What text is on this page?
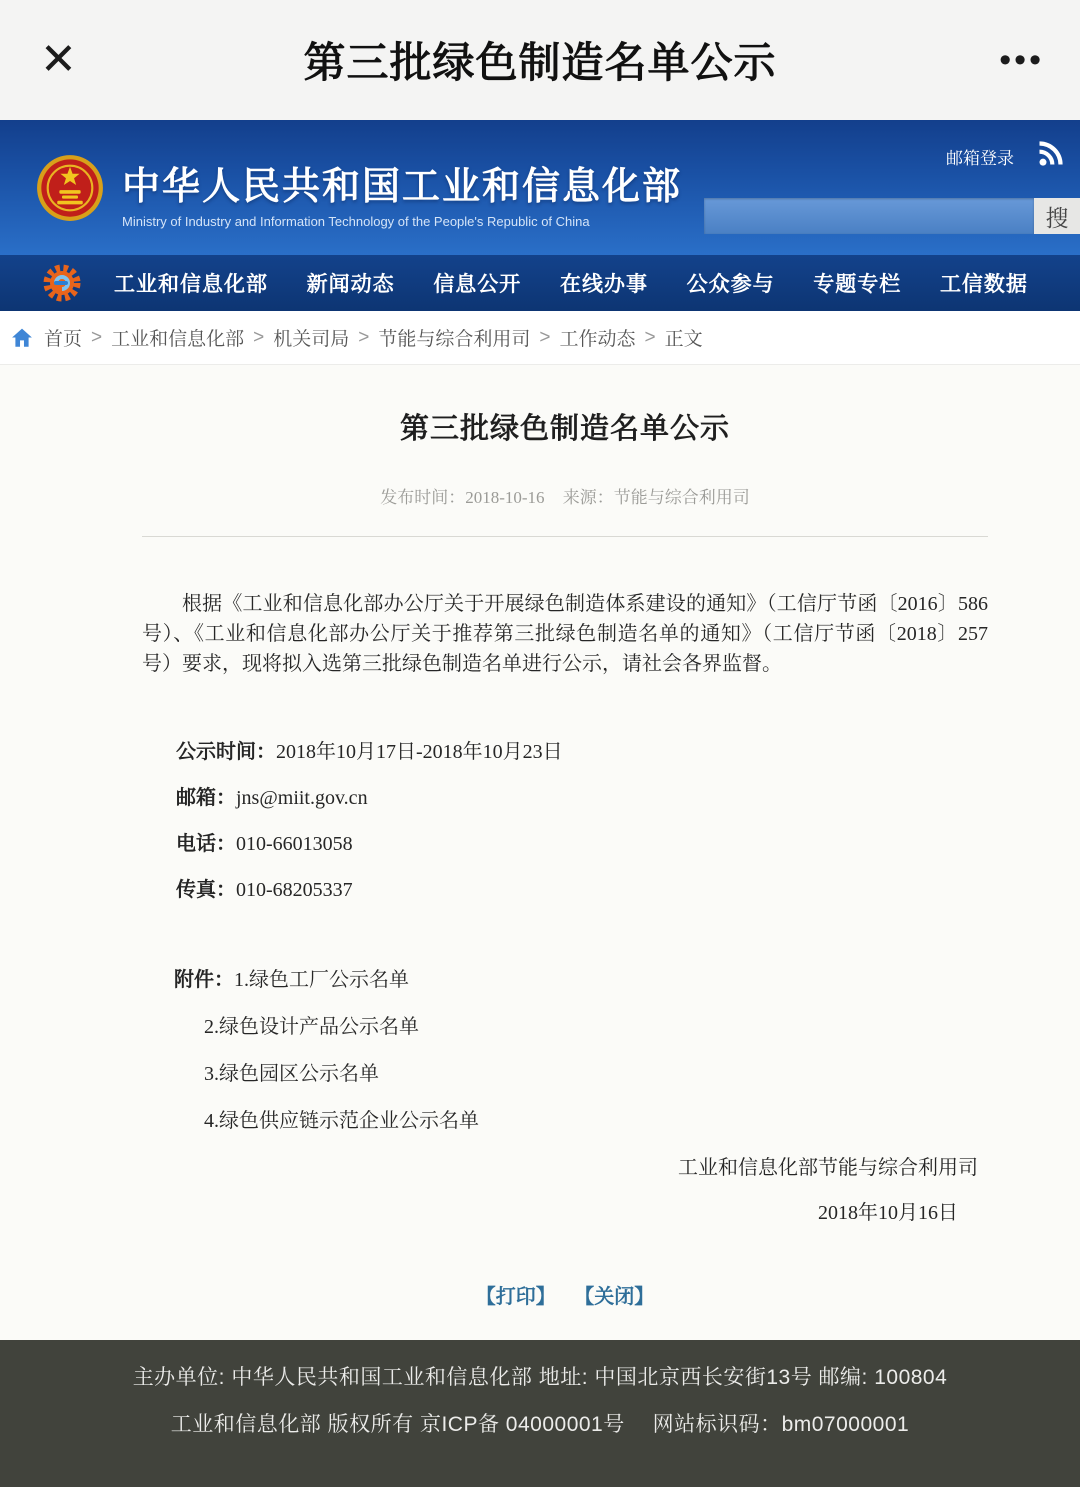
✕	第三批绿色制造名单公示	•••
邮箱登录
中华人民共和国工业和信息化部
Ministry of Industry and Information Technology of the People's Republic of China	搜
工业和信息化部 新闻动态 信息公开 在线办事 公众参与 专题专栏 工信数据
首页 > 工业和信息化部 > 机关司局 > 节能与综合利用司 > 工作动态 > 正文
第三批绿色制造名单公示
发布时间：2018-10-16 来源：节能与综合利用司

根据《工业和信息化部办公厅关于开展绿色制造体系建设的通知》（工信厅节函〔2016〕586号）、《工业和信息化部办公厅关于推荐第三批绿色制造名单的通知》（工信厅节函〔2018〕257号）要求，现将拟入选第三批绿色制造名单进行公示，请社会各界监督。

公示时间：2018年10月17日-2018年10月23日
邮箱：jns@miit.gov.cn
电话：010-66013058
传真：010-68205337
附件：1.绿色工厂公示名单
2.绿色设计产品公示名单
3.绿色园区公示名单
4.绿色供应链示范企业公示名单
工业和信息化部节能与综合利用司
2018年10月16日
【打印】 【关闭】
主办单位: 中华人民共和国工业和信息化部 地址: 中国北京西长安街13号 邮编: 100804
工业和信息化部 版权所有 京ICP备 04000001号　 网站标识码：bm07000001
